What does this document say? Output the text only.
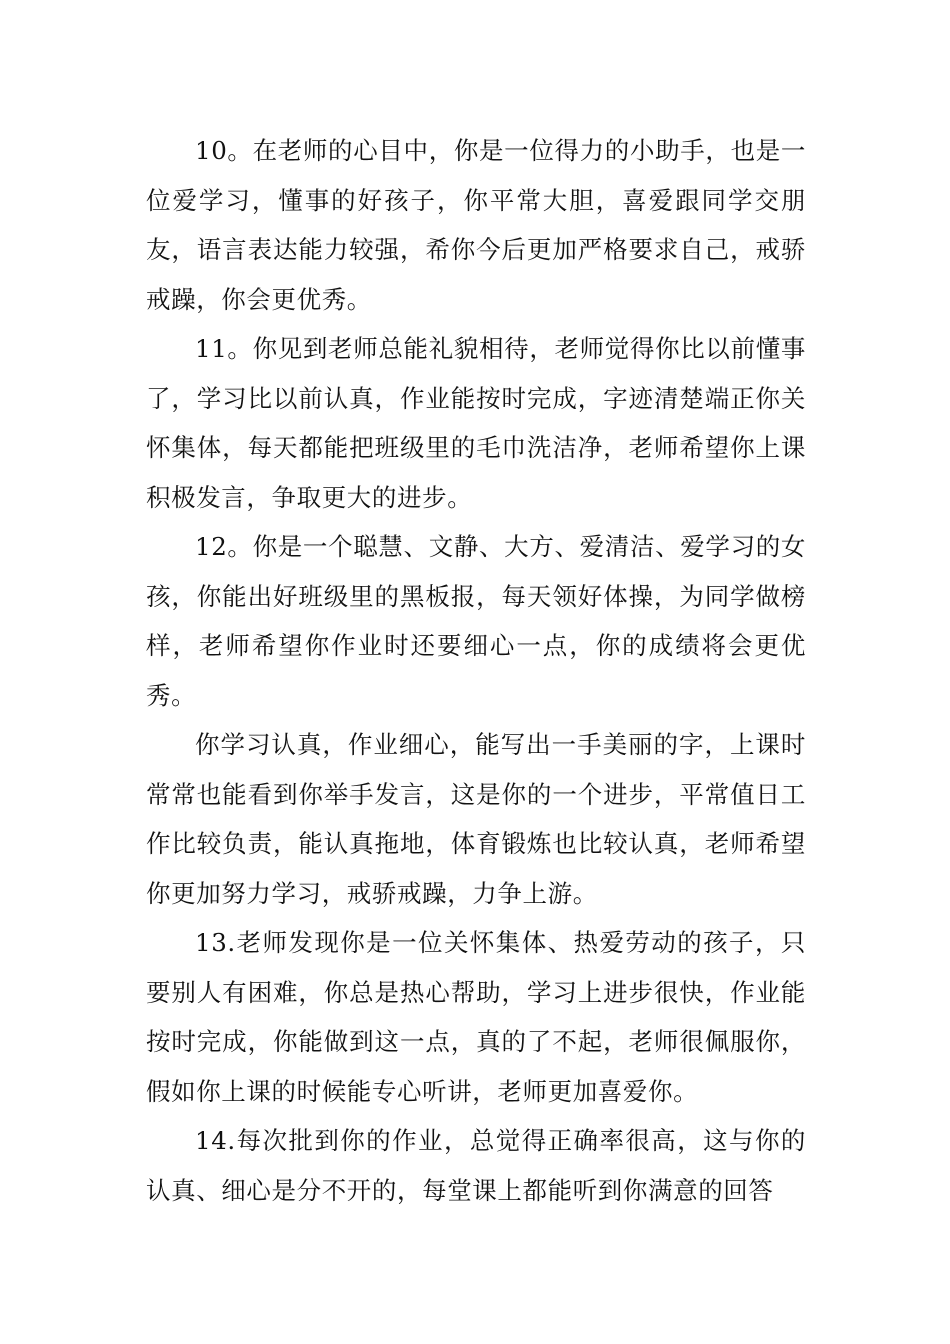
10。在老师的心目中，你是一位得力的小助手，也是一位爱学习，懂事的好孩子，你平常大胆，喜爱跟同学交朋友，语言表达能力较强，希你今后更加严格要求自己，戒骄戒躁，你会更优秀。

11。你见到老师总能礼貌相待，老师觉得你比以前懂事了，学习比以前认真，作业能按时完成，字迹清楚端正你关怀集体，每天都能把班级里的毛巾洗洁净，老师希望你上课积极发言，争取更大的进步。

12。你是一个聪慧、文静、大方、爱清洁、爱学习的女孩，你能出好班级里的黑板报，每天领好体操，为同学做榜样，老师希望你作业时还要细心一点，你的成绩将会更优秀。

你学习认真，作业细心，能写出一手美丽的字，上课时常常也能看到你举手发言，这是你的一个进步，平常值日工作比较负责，能认真拖地，体育锻炼也比较认真，老师希望你更加努力学习，戒骄戒躁，力争上游。

13.老师发现你是一位关怀集体、热爱劳动的孩子，只要别人有困难，你总是热心帮助，学习上进步很快，作业能按时完成，你能做到这一点，真的了不起，老师很佩服你，假如你上课的时候能专心听讲，老师更加喜爱你。

14.每次批到你的作业，总觉得正确率很高，这与你的认真、细心是分不开的，每堂课上都能听到你满意的回答
